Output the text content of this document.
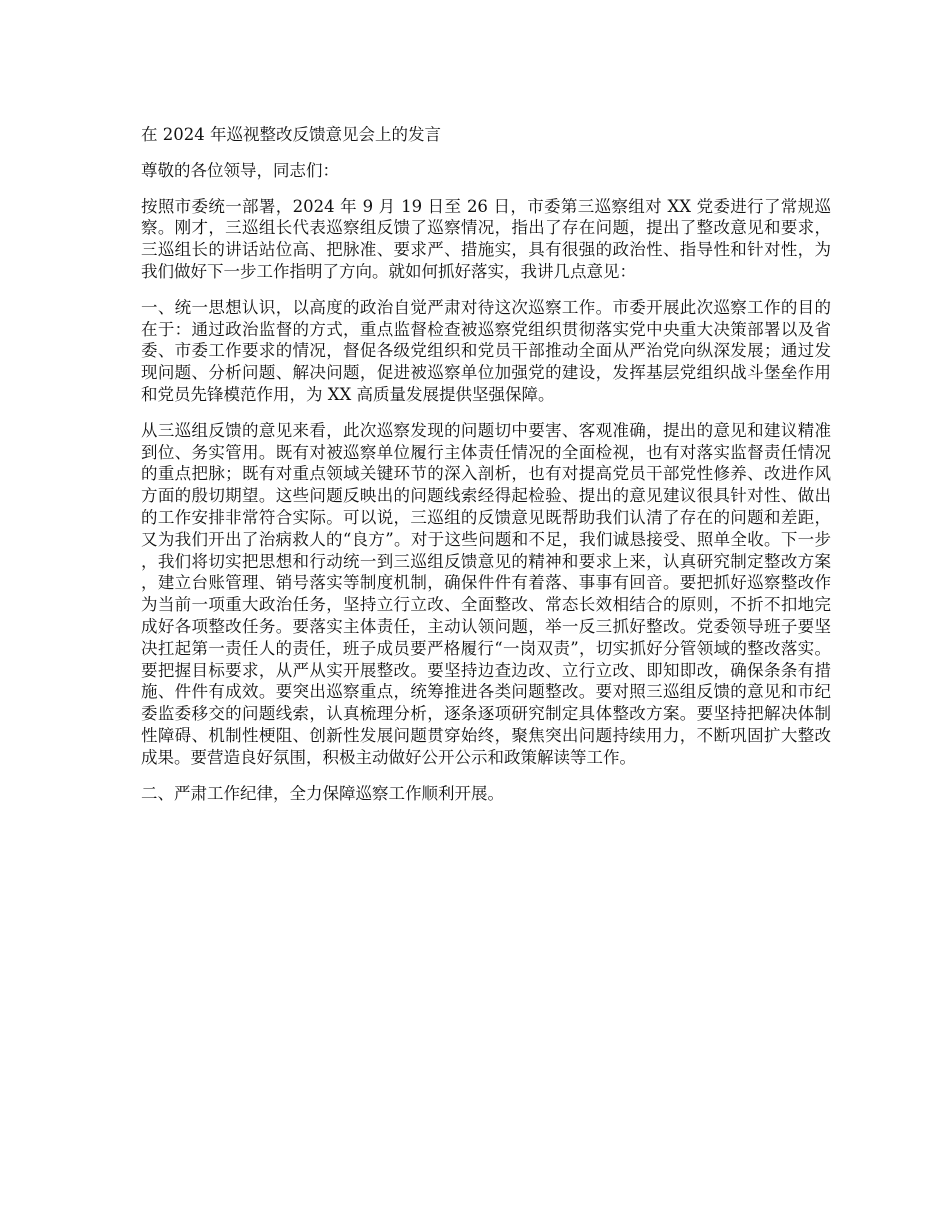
在 2024 年巡视整改反馈意见会上的发言

尊敬的各位领导，同志们：

按照市委统一部署，2024 年 9 月 19 日至 26 日，市委第三巡察组对 XX 党委进行了常规巡察。刚才，三巡组长代表巡察组反馈了巡察情况，指出了存在问题，提出了整改意见和要求，三巡组长的讲话站位高、把脉准、要求严、措施实，具有很强的政治性、指导性和针对性，为我们做好下一步工作指明了方向。就如何抓好落实，我讲几点意见：

一、统一思想认识，以高度的政治自觉严肃对待这次巡察工作。市委开展此次巡察工作的目的在于：通过政治监督的方式，重点监督检查被巡察党组织贯彻落实党中央重大决策部署以及省委、市委工作要求的情况，督促各级党组织和党员干部推动全面从严治党向纵深发展；通过发现问题、分析问题、解决问题，促进被巡察单位加强党的建设，发挥基层党组织战斗堡垒作用和党员先锋模范作用，为 XX 高质量发展提供坚强保障。

从三巡组反馈的意见来看，此次巡察发现的问题切中要害、客观准确，提出的意见和建议精准到位、务实管用。既有对被巡察单位履行主体责任情况的全面检视，也有对落实监督责任情况的重点把脉；既有对重点领域关键环节的深入剖析，也有对提高党员干部党性修养、改进作风方面的殷切期望。这些问题反映出的问题线索经得起检验、提出的意见建议很具针对性、做出的工作安排非常符合实际。可以说，三巡组的反馈意见既帮助我们认清了存在的问题和差距，又为我们开出了治病救人的“良方”。对于这些问题和不足，我们诚恳接受、照单全收。下一步，我们将切实把思想和行动统一到三巡组反馈意见的精神和要求上来，认真研究制定整改方案，建立台账管理、销号落实等制度机制，确保件件有着落、事事有回音。要把抓好巡察整改作为当前一项重大政治任务，坚持立行立改、全面整改、常态长效相结合的原则，不折不扣地完成好各项整改任务。要落实主体责任，主动认领问题，举一反三抓好整改。党委领导班子要坚决扛起第一责任人的责任，班子成员要严格履行“一岗双责”，切实抓好分管领域的整改落实。要把握目标要求，从严从实开展整改。要坚持边查边改、立行立改、即知即改，确保条条有措施、件件有成效。要突出巡察重点，统筹推进各类问题整改。要对照三巡组反馈的意见和市纪委监委移交的问题线索，认真梳理分析，逐条逐项研究制定具体整改方案。要坚持把解决体制性障碍、机制性梗阻、创新性发展问题贯穿始终，聚焦突出问题持续用力，不断巩固扩大整改成果。要营造良好氛围，积极主动做好公开公示和政策解读等工作。

二、严肃工作纪律，全力保障巡察工作顺利开展。
